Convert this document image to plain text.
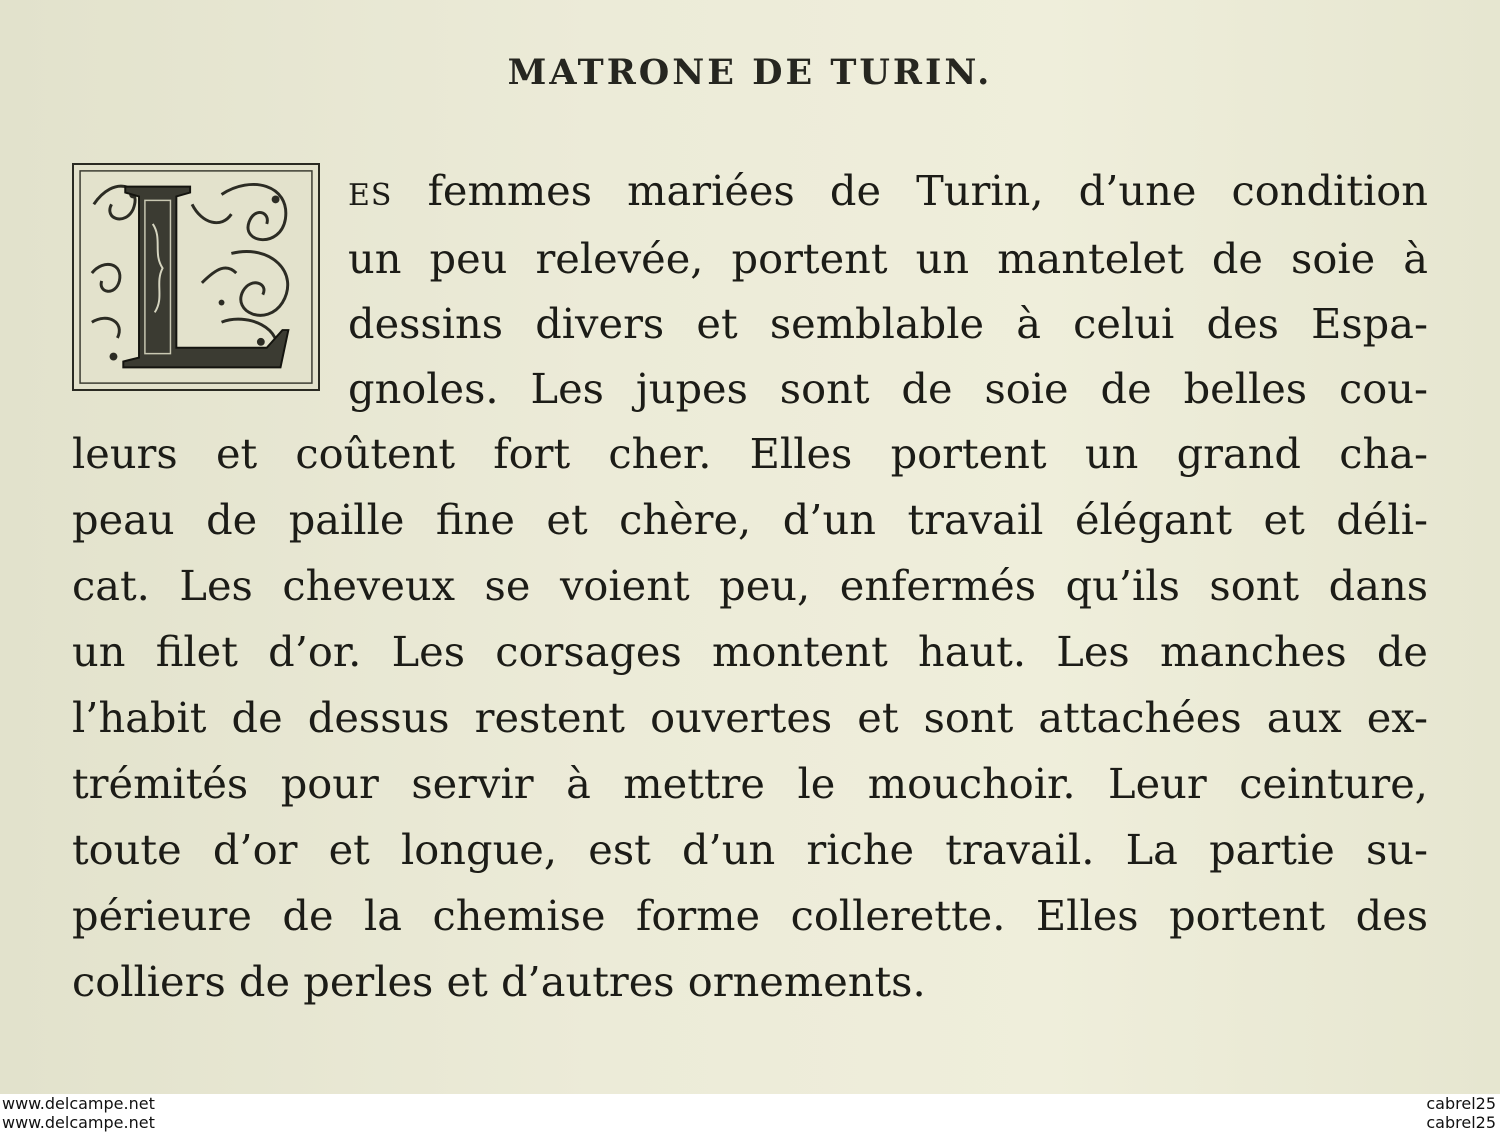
MATRONE DE TURIN.
ES femmes mariées de Turin, d’une condition
un peu relevée, portent un mantelet de soie à
dessins divers et semblable à celui des Espa-
gnoles. Les jupes sont de soie de belles cou-
leurs et coûtent fort cher. Elles portent un grand cha-
peau de paille fine et chère, d’un travail élégant et déli-
cat. Les cheveux se voient peu, enfermés qu’ils sont dans
un filet d’or. Les corsages montent haut. Les manches de
l’habit de dessus restent ouvertes et sont attachées aux ex-
trémités pour servir à mettre le mouchoir. Leur ceinture,
toute d’or et longue, est d’un riche travail. La partie su-
périeure de la chemise forme collerette. Elles portent des
colliers de perles et d’autres ornements.
www.delcampe.net
www.delcampe.net
cabrel25
cabrel25
